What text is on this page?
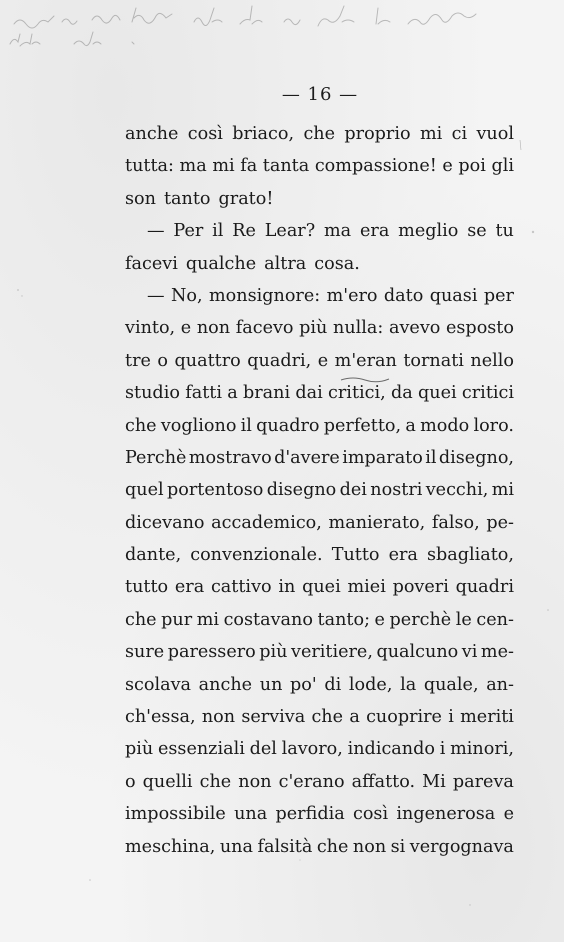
— 16 —
anche così briaco, che proprio mi ci vuol
tutta: ma mi fa tanta compassione! e poi gli
son tanto grato!
— Per il Re Lear? ma era meglio se tu
facevi qualche altra cosa.
— No, monsignore: m'ero dato quasi per
vinto, e non facevo più nulla: avevo esposto
tre o quattro quadri, e m'eran tornati nello
studio fatti a brani dai critici, da quei critici
che vogliono il quadro perfetto, a modo loro.
Perchè mostravo d'avere imparato il disegno,
quel portentoso disegno dei nostri vecchi, mi
dicevano accademico, manierato, falso, pe-
dante, convenzionale. Tutto era sbagliato,
tutto era cattivo in quei miei poveri quadri
che pur mi costavano tanto; e perchè le cen-
sure paressero più veritiere, qualcuno vi me-
scolava anche un po' di lode, la quale, an-
ch'essa, non serviva che a cuoprire i meriti
più essenziali del lavoro, indicando i minori,
o quelli che non c'erano affatto. Mi pareva
impossibile una perfidia così ingenerosa e
meschina, una falsità che non si vergognava
